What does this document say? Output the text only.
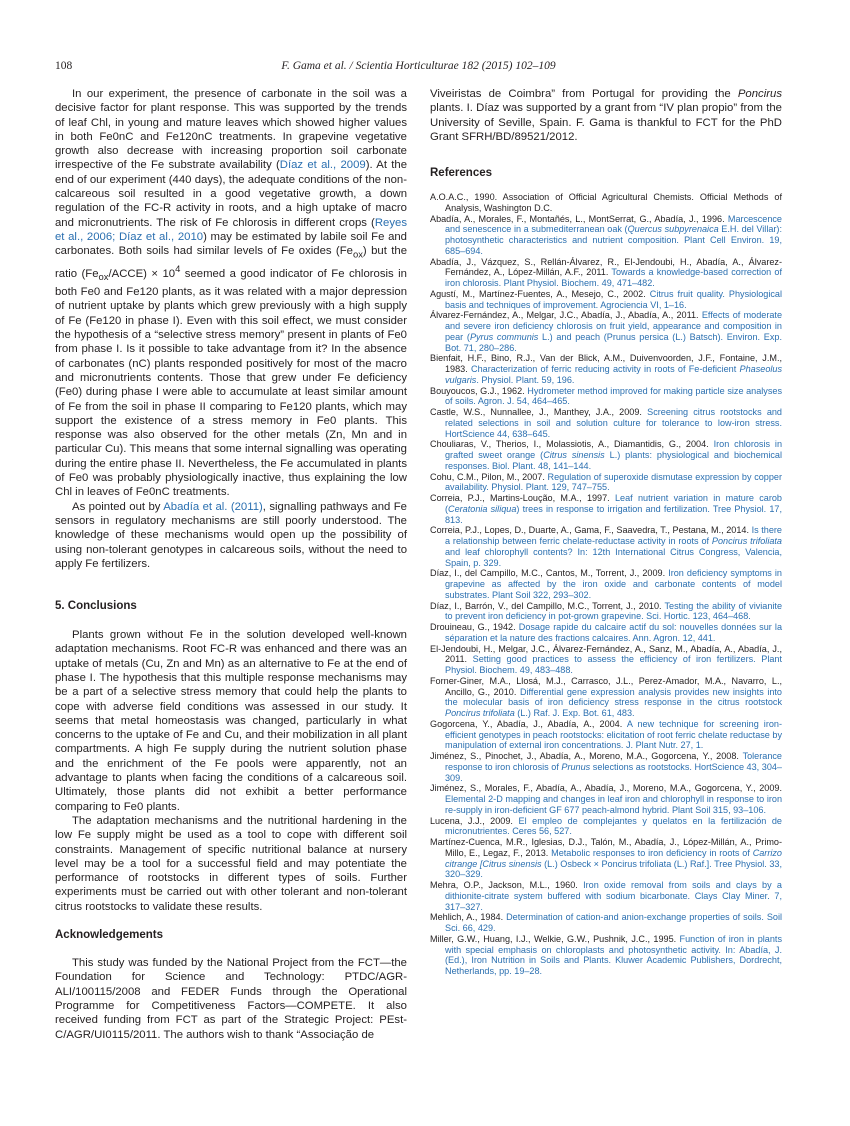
108	F. Gama et al. / Scientia Horticulturae 182 (2015) 102–109

In our experiment, the presence of carbonate in the soil was a decisive factor for plant response. This was supported by the trends of leaf Chl, in young and mature leaves which showed higher values in both Fe0nC and Fe120nC treatments. In grapevine vegetative growth also decrease with increasing proportion soil carbonate irrespective of the Fe substrate availability (Díaz et al., 2009). At the end of our experiment (440 days), the adequate conditions of the non-calcareous soil resulted in a good vegetative growth, a down regulation of the FC-R activity in roots, and a high uptake of macro and micronutrients. The risk of Fe chlorosis in different crops (Reyes et al., 2006; Díaz et al., 2010) may be estimated by labile soil Fe and carbonates. Both soils had similar levels of Fe oxides $(Fe_{ox})$ but the ratio $(Fe_{ox}/ACCE) \times 10^4$ seemed a good indicator of Fe chlorosis in both Fe0 and Fe120 plants, as it was related with a major depression of nutrient uptake by plants which grew previously with a high supply of Fe (Fe120 in phase I). Even with this soil effect, we must consider the hypothesis of a “selective stress memory” present in plants of Fe0 from phase I. Is it possible to take advantage from it? In the absence of carbonates (nC) plants responded positively for most of the macro and micronutrients contents. Those that grew under Fe deficiency (Fe0) during phase I were able to accumulate at least similar amount of Fe from the soil in phase II comparing to Fe120 plants, which may support the existence of a stress memory in Fe0 plants. This response was also observed for the other metals (Zn, Mn and in particular Cu). This means that some internal signalling was operating during the entire phase II. Nevertheless, the Fe accumulated in plants of Fe0 was probably physiologically inactive, thus explaining the low Chl in leaves of Fe0nC treatments.

As pointed out by Abadía et al. (2011), signalling pathways and Fe sensors in regulatory mechanisms are still poorly understood. The knowledge of these mechanisms would open up the possibility of using non-tolerant genotypes in calcareous soils, without the need to apply Fe fertilizers.

5. Conclusions

Plants grown without Fe in the solution developed well-known adaptation mechanisms. Root FC-R was enhanced and there was an uptake of metals (Cu, Zn and Mn) as an alternative to Fe at the end of phase I. The hypothesis that this multiple response mechanisms may be a part of a selective stress memory that could help the plants to cope with adverse field conditions was assessed in our study. It seems that metal homeostasis was changed, particularly in what concerns to the uptake of Fe and Cu, and their mobilization in all plant compartments. A high Fe supply during the nutrient solution phase and the enrichment of the Fe pools were apparently, not an advantage to plants when facing the conditions of a calcareous soil. Ultimately, those plants did not exhibit a better performance comparing to Fe0 plants.

The adaptation mechanisms and the nutritional hardening in the low Fe supply might be used as a tool to cope with different soil constraints. Management of specific nutritional balance at nursery level may be a tool for a successful field and may potentiate the performance of rootstocks in different types of soils. Further experiments must be carried out with other tolerant and non-tolerant citrus rootstocks to validate these results.

Acknowledgements

This study was funded by the National Project from the FCT—the Foundation for Science and Technology: PTDC/AGR-ALI/100115/2008 and FEDER Funds through the Operational Programme for Competitiveness Factors—COMPETE. It also received funding from FCT as part of the Strategic Project: PEst-C/AGR/UI0115/2011. The authors wish to thank “Associação de

Viveiristas de Coimbra” from Portugal for providing the Poncirus plants. I. Díaz was supported by a grant from “IV plan propio” from the University of Seville, Spain. F. Gama is thankful to FCT for the PhD Grant SFRH/BD/89521/2012.

References

A.O.A.C., 1990. Association of Official Agricultural Chemists. Official Methods of Analysis, Washington D.C.
Abadía, A., Morales, F., Montañés, L., MontSerrat, G., Abadía, J., 1996. Marcescence and senescence in a submediterranean oak (Quercus subpyrenaica E.H. del Villar): photosynthetic characteristics and nutrient composition. Plant Cell Environ. 19, 685–694.
Abadía, J., Vázquez, S., Rellán-Álvarez, R., El-Jendoubi, H., Abadía, A., Álvarez-Fernández, A., López-Millán, A.F., 2011. Towards a knowledge-based correction of iron chlorosis. Plant Physiol. Biochem. 49, 471–482.
Agustí, M., Martínez-Fuentes, A., Mesejo, C., 2002. Citrus fruit quality. Physiological basis and techniques of improvement. Agrociencia VI, 1–16.
Álvarez-Fernández, A., Melgar, J.C., Abadía, J., Abadía, A., 2011. Effects of moderate and severe iron deficiency chlorosis on fruit yield, appearance and composition in pear (Pyrus communis L.) and peach (Prunus persica (L.) Batsch). Environ. Exp. Bot. 71, 280–286.
Bienfait, H.F., Bino, R.J., Van der Blick, A.M., Duivenvoorden, J.F., Fontaine, J.M., 1983. Characterization of ferric reducing activity in roots of Fe-deficient Phaseolus vulgaris. Physiol. Plant. 59, 196.
Bouyoucos, G.J., 1962. Hydrometer method improved for making particle size analyses of soils. Agron. J. 54, 464–465.
Castle, W.S., Nunnallee, J., Manthey, J.A., 2009. Screening citrus rootstocks and related selections in soil and solution culture for tolerance to low-iron stress. HortScience 44, 638–645.
Chouliaras, V., Therios, I., Molassiotis, A., Diamantidis, G., 2004. Iron chlorosis in grafted sweet orange (Citrus sinensis L.) plants: physiological and biochemical responses. Biol. Plant. 48, 141–144.
Cohu, C.M., Pilon, M., 2007. Regulation of superoxide dismutase expression by copper availability. Physiol. Plant. 129, 747–755.
Correia, P.J., Martins-Loução, M.A., 1997. Leaf nutrient variation in mature carob (Ceratonia siliqua) trees in response to irrigation and fertilization. Tree Physiol. 17, 813.
Correia, P.J., Lopes, D., Duarte, A., Gama, F., Saavedra, T., Pestana, M., 2014. Is there a relationship between ferric chelate-reductase activity in roots of Poncirus trifoliata and leaf chlorophyll contents? In: 12th International Citrus Congress, Valencia, Spain, p. 329.
Díaz, I., del Campillo, M.C., Cantos, M., Torrent, J., 2009. Iron deficiency symptoms in grapevine as affected by the iron oxide and carbonate contents of model substrates. Plant Soil 322, 293–302.
Díaz, I., Barrón, V., del Campillo, M.C., Torrent, J., 2010. Testing the ability of vivianite to prevent iron deficiency in pot-grown grapevine. Sci. Hortic. 123, 464–468.
Drouineau, G., 1942. Dosage rapide du calcaire actif du sol: nouvelles données sur la séparation et la nature des fractions calcaires. Ann. Agron. 12, 441.
El-Jendoubi, H., Melgar, J.C., Álvarez-Fernández, A., Sanz, M., Abadía, A., Abadía, J., 2011. Setting good practices to assess the efficiency of iron fertilizers. Plant Physiol. Biochem. 49, 483–488.
Forner-Giner, M.A., Llosá, M.J., Carrasco, J.L., Perez-Amador, M.A., Navarro, L., Ancillo, G., 2010. Differential gene expression analysis provides new insights into the molecular basis of iron deficiency stress response in the citrus rootstock Poncirus trifoliata (L.) Raf. J. Exp. Bot. 61, 483.
Gogorcena, Y., Abadía, J., Abadía, A., 2004. A new technique for screening iron-efficient genotypes in peach rootstocks: elicitation of root ferric chelate reductase by manipulation of external iron concentrations. J. Plant Nutr. 27, 1.
Jiménez, S., Pinochet, J., Abadía, A., Moreno, M.A., Gogorcena, Y., 2008. Tolerance response to iron chlorosis of Prunus selections as rootstocks. HortScience 43, 304–309.
Jiménez, S., Morales, F., Abadía, A., Abadía, J., Moreno, M.A., Gogorcena, Y., 2009. Elemental 2-D mapping and changes in leaf iron and chlorophyll in response to iron re-supply in iron-deficient GF 677 peach-almond hybrid. Plant Soil 315, 93–106.
Lucena, J.J., 2009. El empleo de complejantes y quelatos en la fertilización de micronutrientes. Ceres 56, 527.
Martínez-Cuenca, M.R., Iglesias, D.J., Talón, M., Abadía, J., López-Millán, A., Primo-Millo, E., Legaz, F., 2013. Metabolic responses to iron deficiency in roots of Carrizo citrange [Citrus sinensis (L.) Osbeck × Poncirus trifoliata (L.) Raf.]. Tree Physiol. 33, 320–329.
Mehra, O.P., Jackson, M.L., 1960. Iron oxide removal from soils and clays by a dithionite-citrate system buffered with sodium bicarbonate. Clays Clay Miner. 7, 317–327.
Mehlich, A., 1984. Determination of cation-and anion-exchange properties of soils. Soil Sci. 66, 429.
Miller, G.W., Huang, I.J., Welkie, G.W., Pushnik, J.C., 1995. Function of iron in plants with special emphasis on chloroplasts and photosynthetic activity. In: Abadía, J. (Ed.), Iron Nutrition in Soils and Plants. Kluwer Academic Publishers, Dordrecht, Netherlands, pp. 19–28.
